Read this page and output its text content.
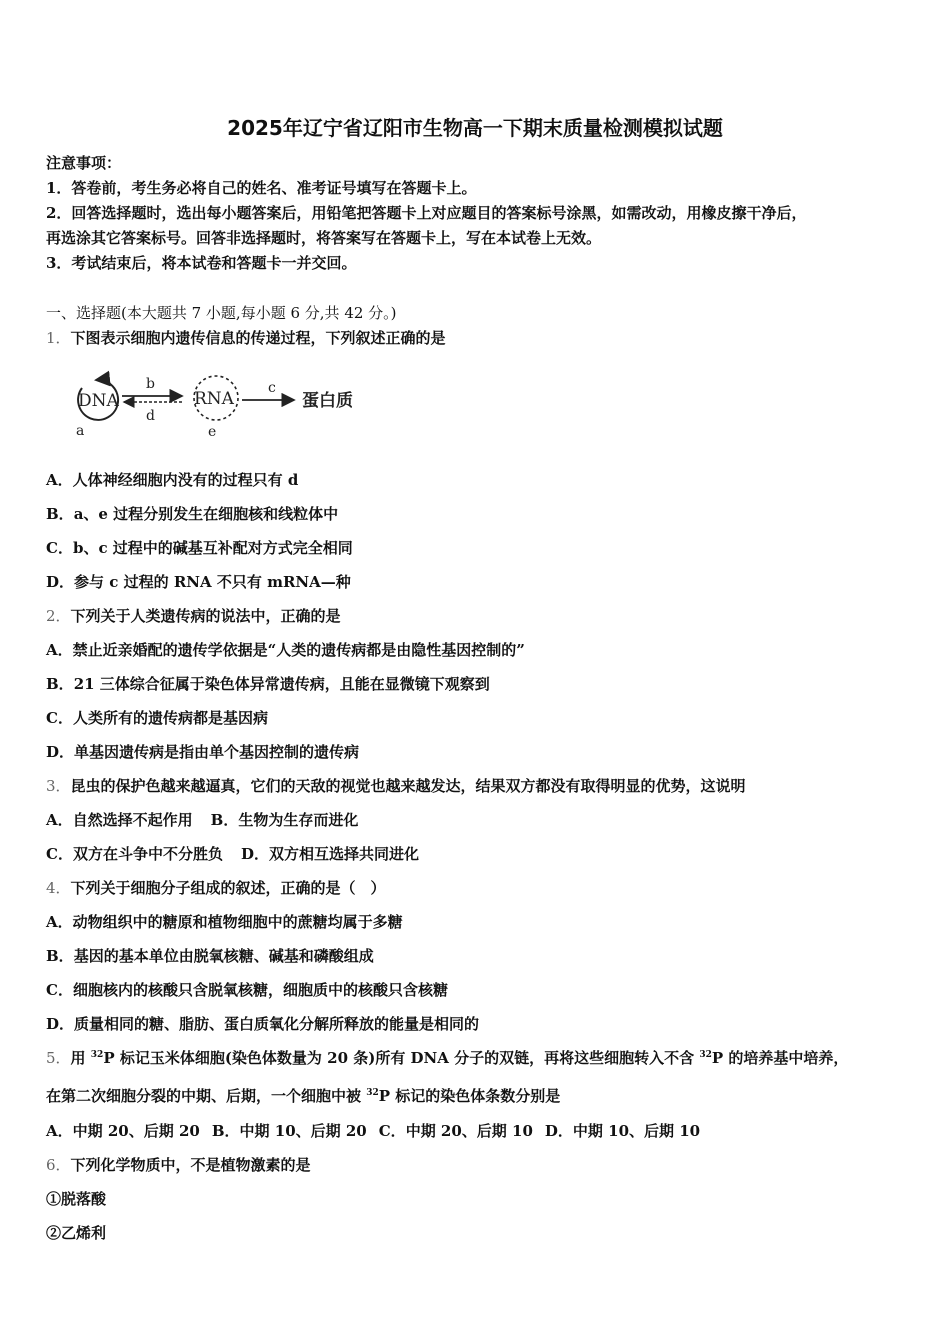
2025年辽宁省辽阳市生物高一下期末质量检测模拟试题
注意事项：
1．答卷前，考生务必将自己的姓名、准考证号填写在答题卡上。
2．回答选择题时，选出每小题答案后，用铅笔把答题卡上对应题目的答案标号涂黑，如需改动，用橡皮擦干净后，
再选涂其它答案标号。回答非选择题时，将答案写在答题卡上，写在本试卷上无效。
3．考试结束后，将本试卷和答题卡一并交回。
一、选择题(本大题共 7 小题,每小题 6 分,共 42 分。)
1．下图表示细胞内遗传信息的传递过程，下列叙述正确的是
DNA
a
b
d
RNA
e
c
蛋白质
A．人体神经细胞内没有的过程只有 d
B．a、e 过程分别发生在细胞核和线粒体中
C．b、c 过程中的碱基互补配对方式完全相同
D．参与 c 过程的 RNA 不只有 mRNA—种
2．下列关于人类遗传病的说法中，正确的是
A．禁止近亲婚配的遗传学依据是“人类的遗传病都是由隐性基因控制的”
B．21 三体综合征属于染色体异常遗传病，且能在显微镜下观察到
C．人类所有的遗传病都是基因病
D．单基因遗传病是指由单个基因控制的遗传病
3．昆虫的保护色越来越逼真，它们的天敌的视觉也越来越发达，结果双方都没有取得明显的优势，这说明
A．自然选择不起作用 B．生物为生存而进化
C．双方在斗争中不分胜负 D．双方相互选择共同进化
4．下列关于细胞分子组成的叙述，正确的是（　）
A．动物组织中的糖原和植物细胞中的蔗糖均属于多糖
B．基因的基本单位由脱氧核糖、碱基和磷酸组成
C．细胞核内的核酸只含脱氧核糖，细胞质中的核酸只含核糖
D．质量相同的糖、脂肪、蛋白质氧化分解所释放的能量是相同的
5．用 $^{32}$P 标记玉米体细胞(染色体数量为 20 条)所有 DNA 分子的双链，再将这些细胞转入不含 $^{32}$P 的培养基中培养，
在第二次细胞分裂的中期、后期，一个细胞中被 $^{32}$P 标记的染色体条数分别是
A．中期 20、后期 20 B．中期 10、后期 20 C．中期 20、后期 10 D．中期 10、后期 10
6．下列化学物质中，不是植物激素的是
①脱落酸
②乙烯利
